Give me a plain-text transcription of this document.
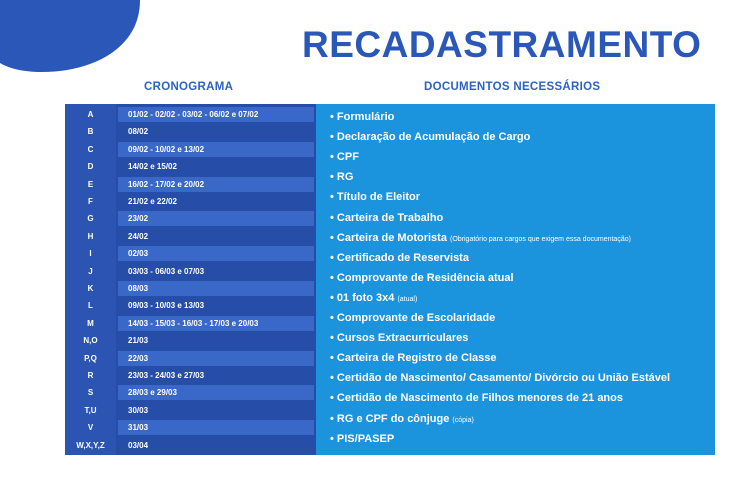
RECADASTRAMENTO
CRONOGRAMA	DOCUMENTOS NECESSÁRIOS
A	01/02 - 02/02 - 03/02 - 06/02 e 07/02
B	08/02
C	09/02 - 10/02 e 13/02
D	14/02 e 15/02
E	16/02 - 17/02 e 20/02
F	21/02 e 22/02
G	23/02
H	24/02
I	02/03
J	03/03 - 06/03 e 07/03
K	08/03
L	09/03 - 10/03 e 13/03
M	14/03 - 15/03 - 16/03 - 17/03 e 20/03
N,O	21/03
P,Q	22/03
R	23/03 - 24/03 e 27/03
S	28/03 e 29/03
T,U	30/03
V	31/03
W,X,Y,Z	03/04
• Formulário
• Declaração de Acumulação de Cargo
• CPF
• RG
• Título de Eleitor
• Carteira de Trabalho
• Carteira de Motorista (Obrigatório para cargos que exigem essa documentação)
• Certificado de Reservista
• Comprovante de Residência atual
• 01 foto 3x4 (atual)
• Comprovante de Escolaridade
• Cursos Extracurriculares
• Carteira de Registro de Classe
• Certidão de Nascimento/ Casamento/ Divórcio ou União Estável
• Certidão de Nascimento de Filhos menores de 21 anos
• RG e CPF do cônjuge (cópia)
• PIS/PASEP
